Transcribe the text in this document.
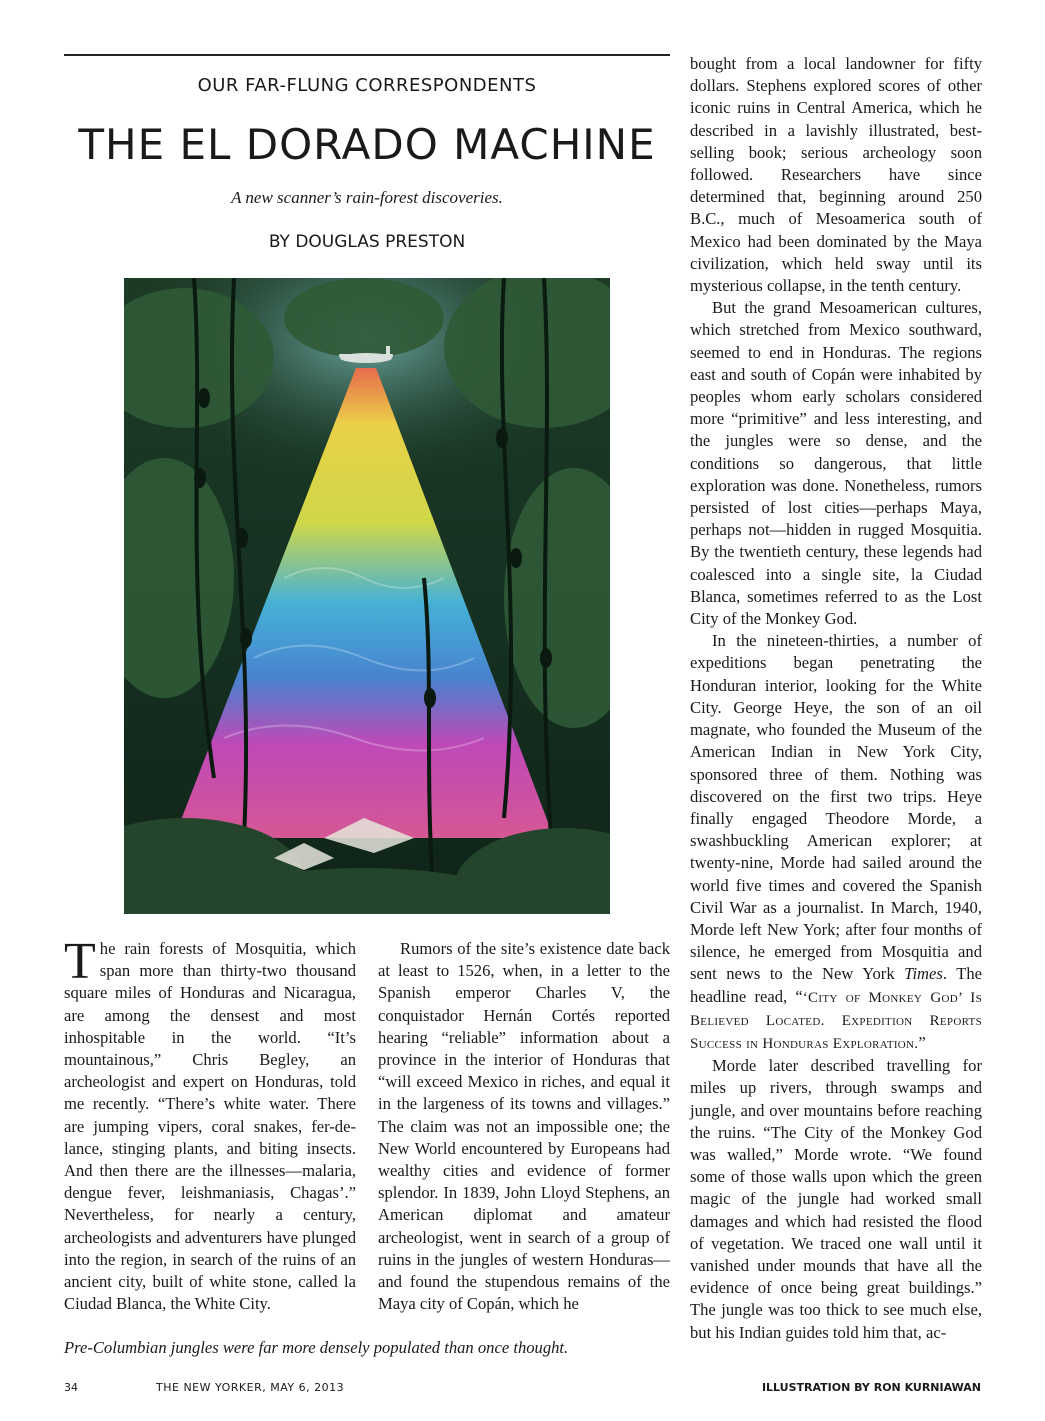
OUR FAR-FLUNG CORRESPONDENTS
THE EL DORADO MACHINE
A new scanner’s rain-forest discoveries.
BY DOUGLAS PRESTON

The rain forests of Mosquitia, which span more than thirty-two thousand square miles of Honduras and Nicaragua, are among the densest and most inhospitable in the world. “It’s mountainous,” Chris Begley, an archeologist and expert on Honduras, told me recently. “There’s white water. There are jumping vipers, coral snakes, fer-de-lance, stinging plants, and biting insects. And then there are the illnesses—malaria, dengue fever, leishmaniasis, Chagas’.” Nevertheless, for nearly a century, archeologists and adventurers have plunged into the region, in search of the ruins of an ancient city, built of white stone, called la Ciudad Blanca, the White City.

Rumors of the site’s existence date back at least to 1526, when, in a letter to the Spanish emperor Charles V, the conquistador Hernán Cortés reported hearing “reliable” information about a province in the interior of Honduras that “will exceed Mexico in riches, and equal it in the largeness of its towns and villages.” The claim was not an impossible one; the New World encountered by Europeans had wealthy cities and evidence of former splendor. In 1839, John Lloyd Stephens, an American diplomat and amateur archeologist, went in search of a group of ruins in the jungles of western Honduras—and found the stupendous remains of the Maya city of Copán, which he

bought from a local landowner for fifty dollars. Stephens explored scores of other iconic ruins in Central America, which he described in a lavishly illustrated, best-selling book; serious archeology soon followed. Researchers have since determined that, beginning around 250 B.C., much of Mesoamerica south of Mexico had been dominated by the Maya civilization, which held sway until its mysterious collapse, in the tenth century.

But the grand Mesoamerican cultures, which stretched from Mexico southward, seemed to end in Honduras. The regions east and south of Copán were inhabited by peoples whom early scholars considered more “primitive” and less interesting, and the jungles were so dense, and the conditions so dangerous, that little exploration was done. Nonetheless, rumors persisted of lost cities—perhaps Maya, perhaps not—hidden in rugged Mosquitia. By the twentieth century, these legends had coalesced into a single site, la Ciudad Blanca, sometimes referred to as the Lost City of the Monkey God.

In the nineteen-thirties, a number of expeditions began penetrating the Honduran interior, looking for the White City. George Heye, the son of an oil magnate, who founded the Museum of the American Indian in New York City, sponsored three of them. Nothing was discovered on the first two trips. Heye finally engaged Theodore Morde, a swashbuckling American explorer; at twenty-nine, Morde had sailed around the world five times and covered the Spanish Civil War as a journalist. In March, 1940, Morde left New York; after four months of silence, he emerged from Mosquitia and sent news to the New York Times. The headline read, “‘City of Monkey God’ Is Believed Located. Expedition Reports Success in Honduras Exploration.”

Morde later described travelling for miles up rivers, through swamps and jungle, and over mountains before reaching the ruins. “The City of the Monkey God was walled,” Morde wrote. “We found some of those walls upon which the green magic of the jungle had worked small damages and which had resisted the flood of vegetation. We traced one wall until it vanished under mounds that have all the evidence of once being great buildings.” The jungle was too thick to see much else, but his Indian guides told him that, ac-

Pre-Columbian jungles were far more densely populated than once thought.
34	THE NEW YORKER, MAY 6, 2013	ILLUSTRATION BY RON KURNIAWAN
